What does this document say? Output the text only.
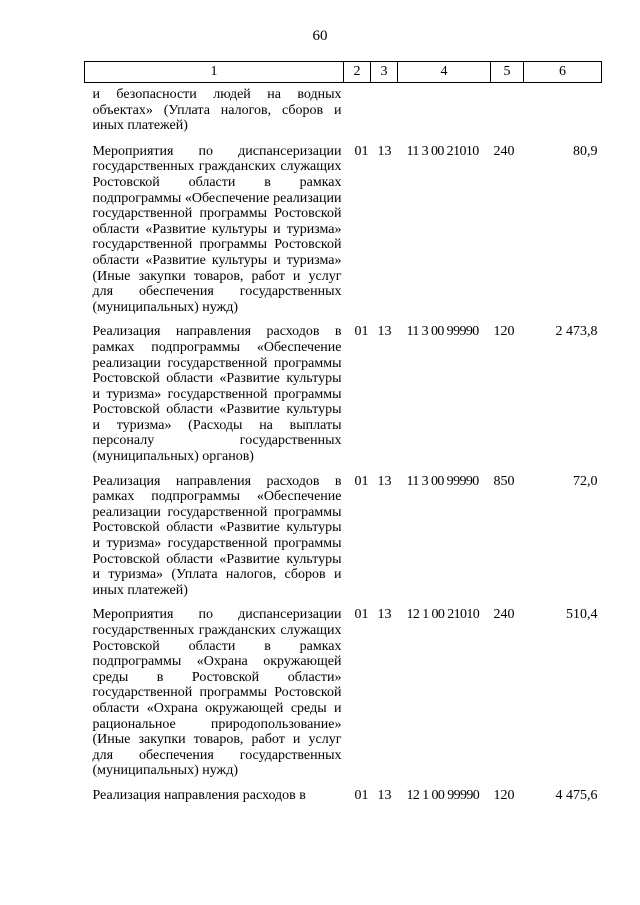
60
1	2	3	4	5	6
и безопасности людей на водных объектах» (Уплата налогов, сборов и иных платежей)					
Мероприятия по диспансеризации государственных гражданских служащих Ростовской области в рамках подпрограммы «Обеспечение реализации государственной программы Ростовской области «Развитие культуры и туризма» государственной программы Ростовской области «Развитие культуры и туризма» (Иные закупки товаров, работ и услуг для обеспечения государственных (муниципальных) нужд)	01	13	11 3 00 21010	240	80,9
Реализация направления расходов в рамках подпрограммы «Обеспечение реализации государственной программы Ростовской области «Развитие культуры и туризма» государственной программы Ростовской области «Развитие культуры и туризма» (Расходы на выплаты персоналу государственных (муниципальных) органов)	01	13	11 3 00 99990	120	2 473,8
Реализация направления расходов в рамках подпрограммы «Обеспечение реализации государственной программы Ростовской области «Развитие культуры и туризма» государственной программы Ростовской области «Развитие культуры и туризма» (Уплата налогов, сборов и иных платежей)	01	13	11 3 00 99990	850	72,0
Мероприятия по диспансеризации государственных гражданских служащих Ростовской области в рамках подпрограммы «Охрана окружающей среды в Ростовской области» государственной программы Ростовской области «Охрана окружающей среды и рациональное природопользование» (Иные закупки товаров, работ и услуг для обеспечения государственных (муниципальных) нужд)	01	13	12 1 00 21010	240	510,4
Реализация направления расходов в	01	13	12 1 00 99990	120	4 475,6
